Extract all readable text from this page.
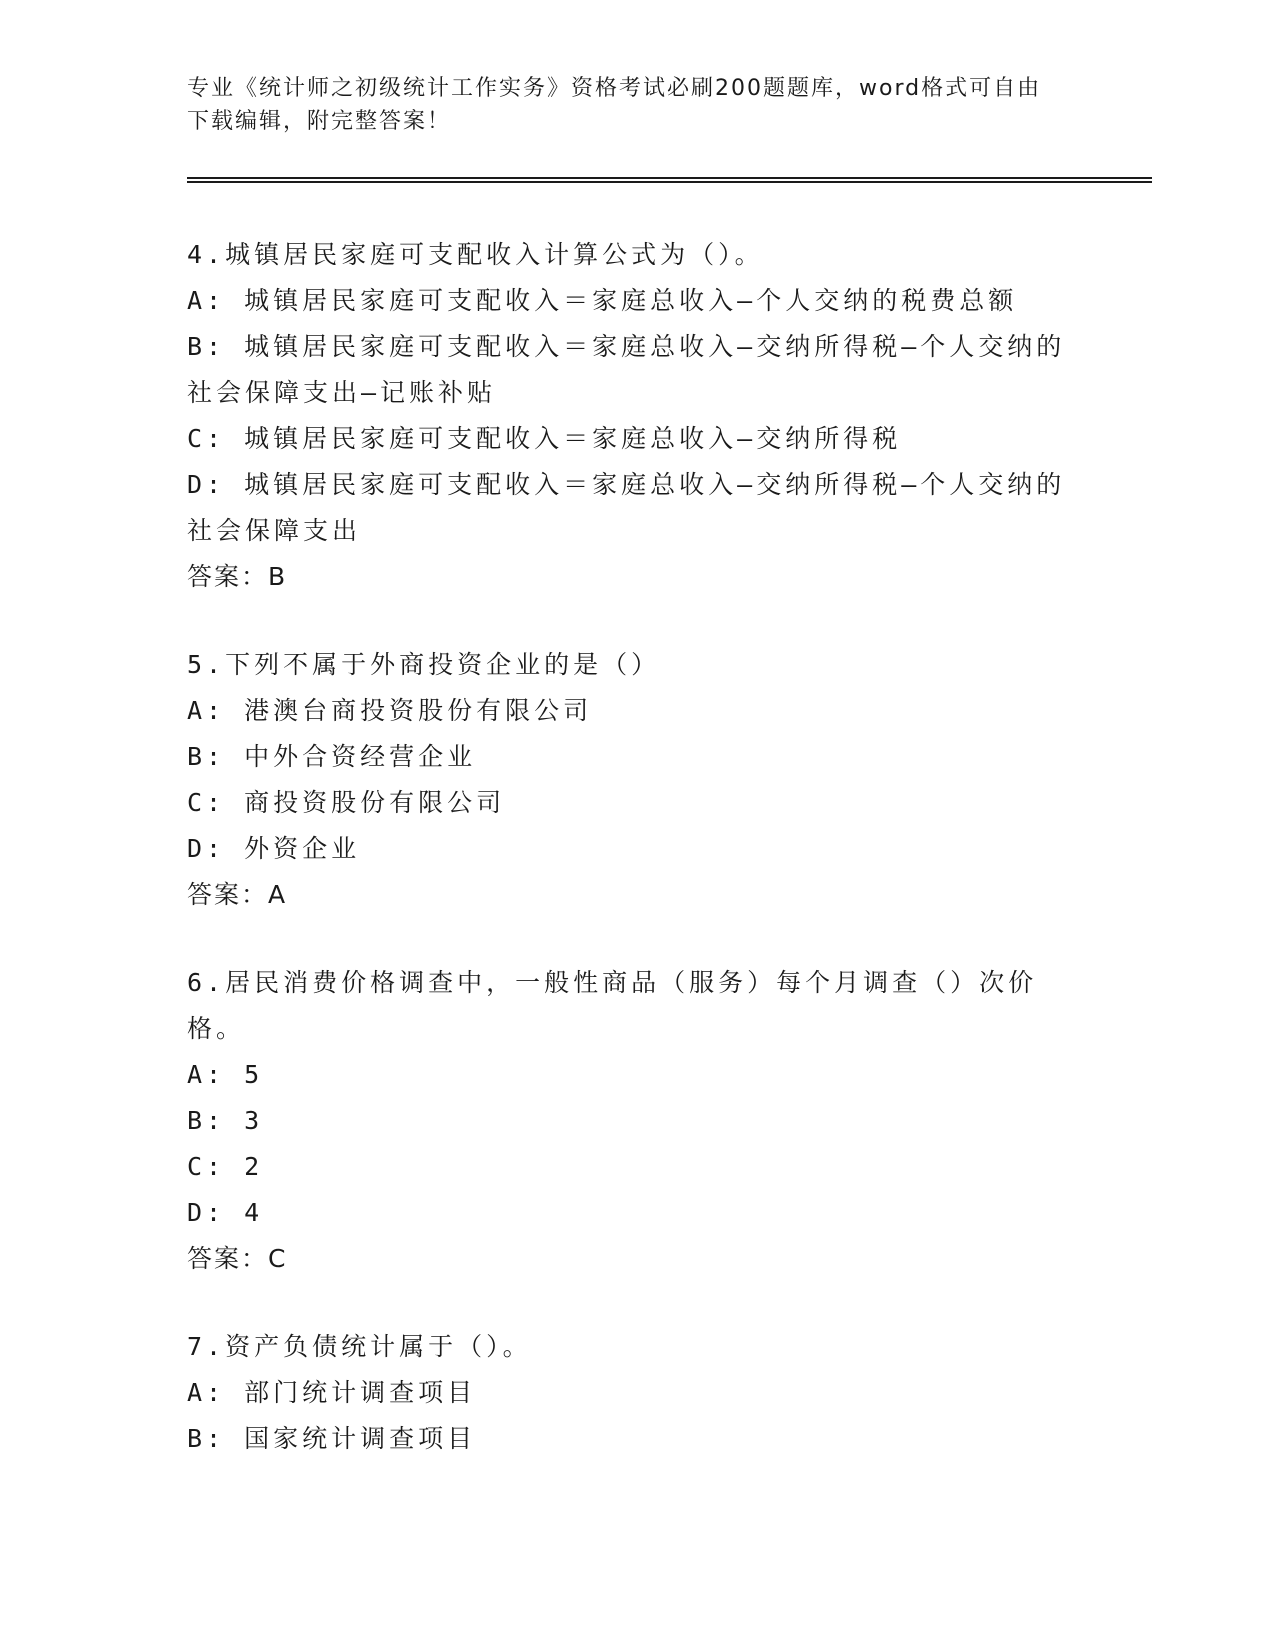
专业《统计师之初级统计工作实务》资格考试必刷200题题库，word格式可自由
下载编辑，附完整答案！
4.城镇居民家庭可支配收入计算公式为（）。
A: 城镇居民家庭可支配收入＝家庭总收入—个人交纳的税费总额
B: 城镇居民家庭可支配收入＝家庭总收入—交纳所得税—个人交纳的社会保障支出—记账补贴
C: 城镇居民家庭可支配收入＝家庭总收入—交纳所得税
D: 城镇居民家庭可支配收入＝家庭总收入—交纳所得税—个人交纳的社会保障支出
答案：B
5.下列不属于外商投资企业的是（）
A: 港澳台商投资股份有限公司
B: 中外合资经营企业
C: 商投资股份有限公司
D: 外资企业
答案：A
6.居民消费价格调查中，一般性商品（服务）每个月调查（）次价格。
A: 5
B: 3
C: 2
D: 4
答案：C
7.资产负债统计属于（）。
A: 部门统计调查项目
B: 国家统计调查项目
